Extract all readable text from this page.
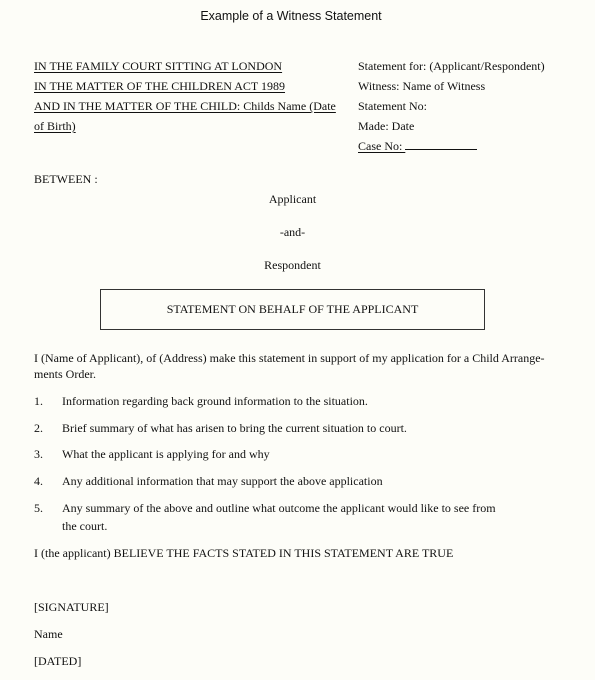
Example of a Witness Statement
IN THE FAMILY COURT SITTING AT LONDON
IN THE MATTER OF THE CHILDREN ACT 1989
AND IN THE MATTER OF THE CHILD: Childs Name (Date
of Birth)
Statement for: (Applicant/Respondent)
Witness: Name of Witness
Statement No:
Made: Date
Case No:
BETWEEN :
Applicant
-and-
Respondent
STATEMENT ON BEHALF OF THE APPLICANT
I (Name of Applicant), of (Address) make this statement in support of my application for a Child Arrange-
ments Order.
1. Information regarding back ground information to the situation.
2. Brief summary of what has arisen to bring the current situation to court.
3. What the applicant is applying for and why
4. Any additional information that may support the above application
5. Any summary of the above and outline what outcome the applicant would like to see from
the court.
I (the applicant) BELIEVE THE FACTS STATED IN THIS STATEMENT ARE TRUE
[SIGNATURE]
Name
[DATED]
